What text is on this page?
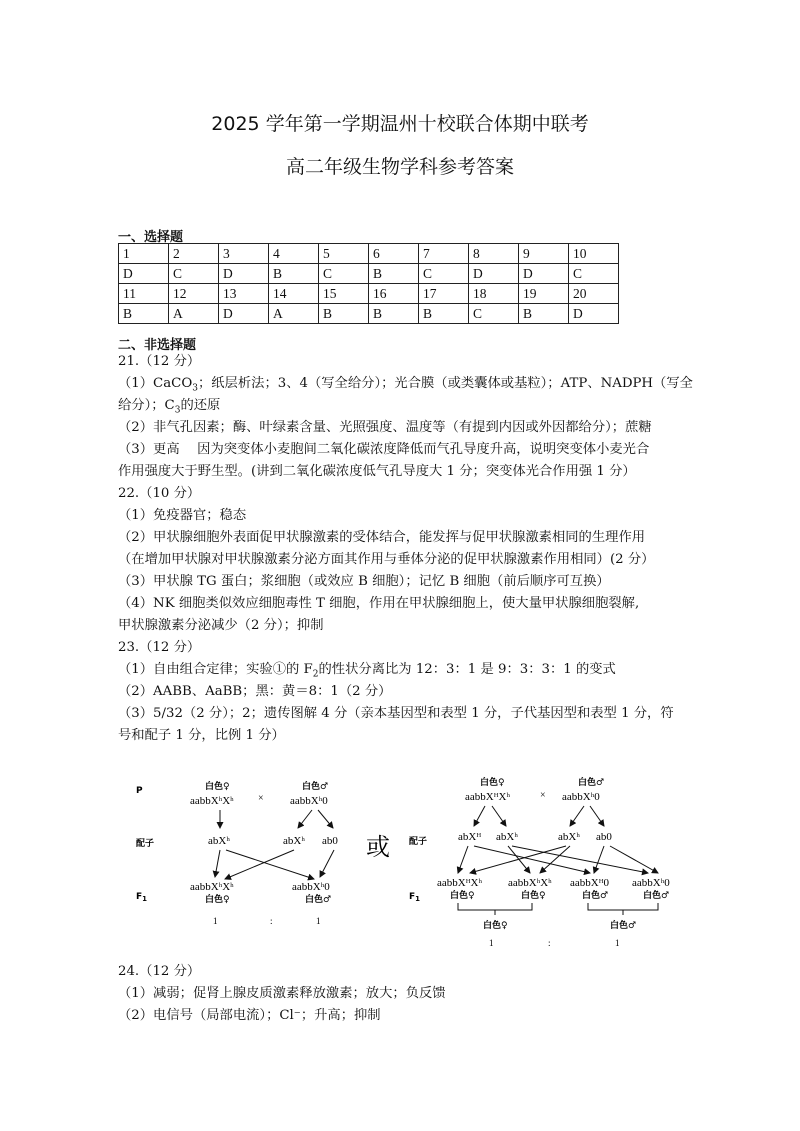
2025 学年第一学期温州十校联合体期中联考
高二年级生物学科参考答案
一、选择题
1	2	3	4	5	6	7	8	9	10
D	C	D	B	C	B	C	D	D	C
11	12	13	14	15	16	17	18	19	20
B	A	D	A	B	B	B	C	B	D
二、非选择题
21.（12 分）
（1）CaCO$_3$；纸层析法；3、4（写全给分）；光合膜（或类囊体或基粒）；ATP、NADPH（写全
给分）；$C_3$的还原
（2）非气孔因素；酶、叶绿素含量、光照强度、温度等（有提到内因或外因都给分）；蔗糖
（3）更高　 因为突变体小麦胞间二氧化碳浓度降低而气孔导度升高，说明突变体小麦光合
作用强度大于野生型。(讲到二氧化碳浓度低气孔导度大 1 分；突变体光合作用强 1 分）
22.（10 分）
（1）免疫器官；稳态
（2）甲状腺细胞外表面促甲状腺激素的受体结合，能发挥与促甲状腺激素相同的生理作用
（在增加甲状腺对甲状腺激素分泌方面其作用与垂体分泌的促甲状腺激素作用相同）(2 分）
（3）甲状腺 TG 蛋白；浆细胞（或效应 B 细胞）；记忆 B 细胞（前后顺序可互换）
（4）NK 细胞类似效应细胞毒性 T 细胞，作用在甲状腺细胞上，使大量甲状腺细胞裂解,
甲状腺激素分泌减少（2 分）；抑制
23.（12 分）
（1）自由组合定律；实验①的 $F_2$的性状分离比为 12：3：1 是 9：3：3：1 的变式
（2）AABB、AaBB；黑：黄＝8：1（2 分）
（3）5/32（2 分）；2；遗传图解 4 分（亲本基因型和表型 1 分，子代基因型和表型 1 分，符
号和配子 1 分，比例 1 分）
P
配子
$F_1$
白色♀
aabbXʰXʰ ×
白色♂
aabbXʰ0
abXʰ	abXʰ ab0
aabbXʰXʰ
白色♀
aabbXʰ0
白色♂
1	:	1
或 配子
$F_1$
白色♀
aabbXᴴXʰ	×
白色♂
aabbXʰ0
abXᴴ abXʰ	abXʰ ab0
aabbXᴴXʰ aabbXʰXʰ aabbXᴴ0 aabbXʰ0
白色♀	白色♀	白色♂	白色♂
白色♀	白色♂
1	:	1
24.（12 分）
（1）减弱；促肾上腺皮质激素释放激素；放大；负反馈
（2）电信号（局部电流）；Cl⁻；升高；抑制
